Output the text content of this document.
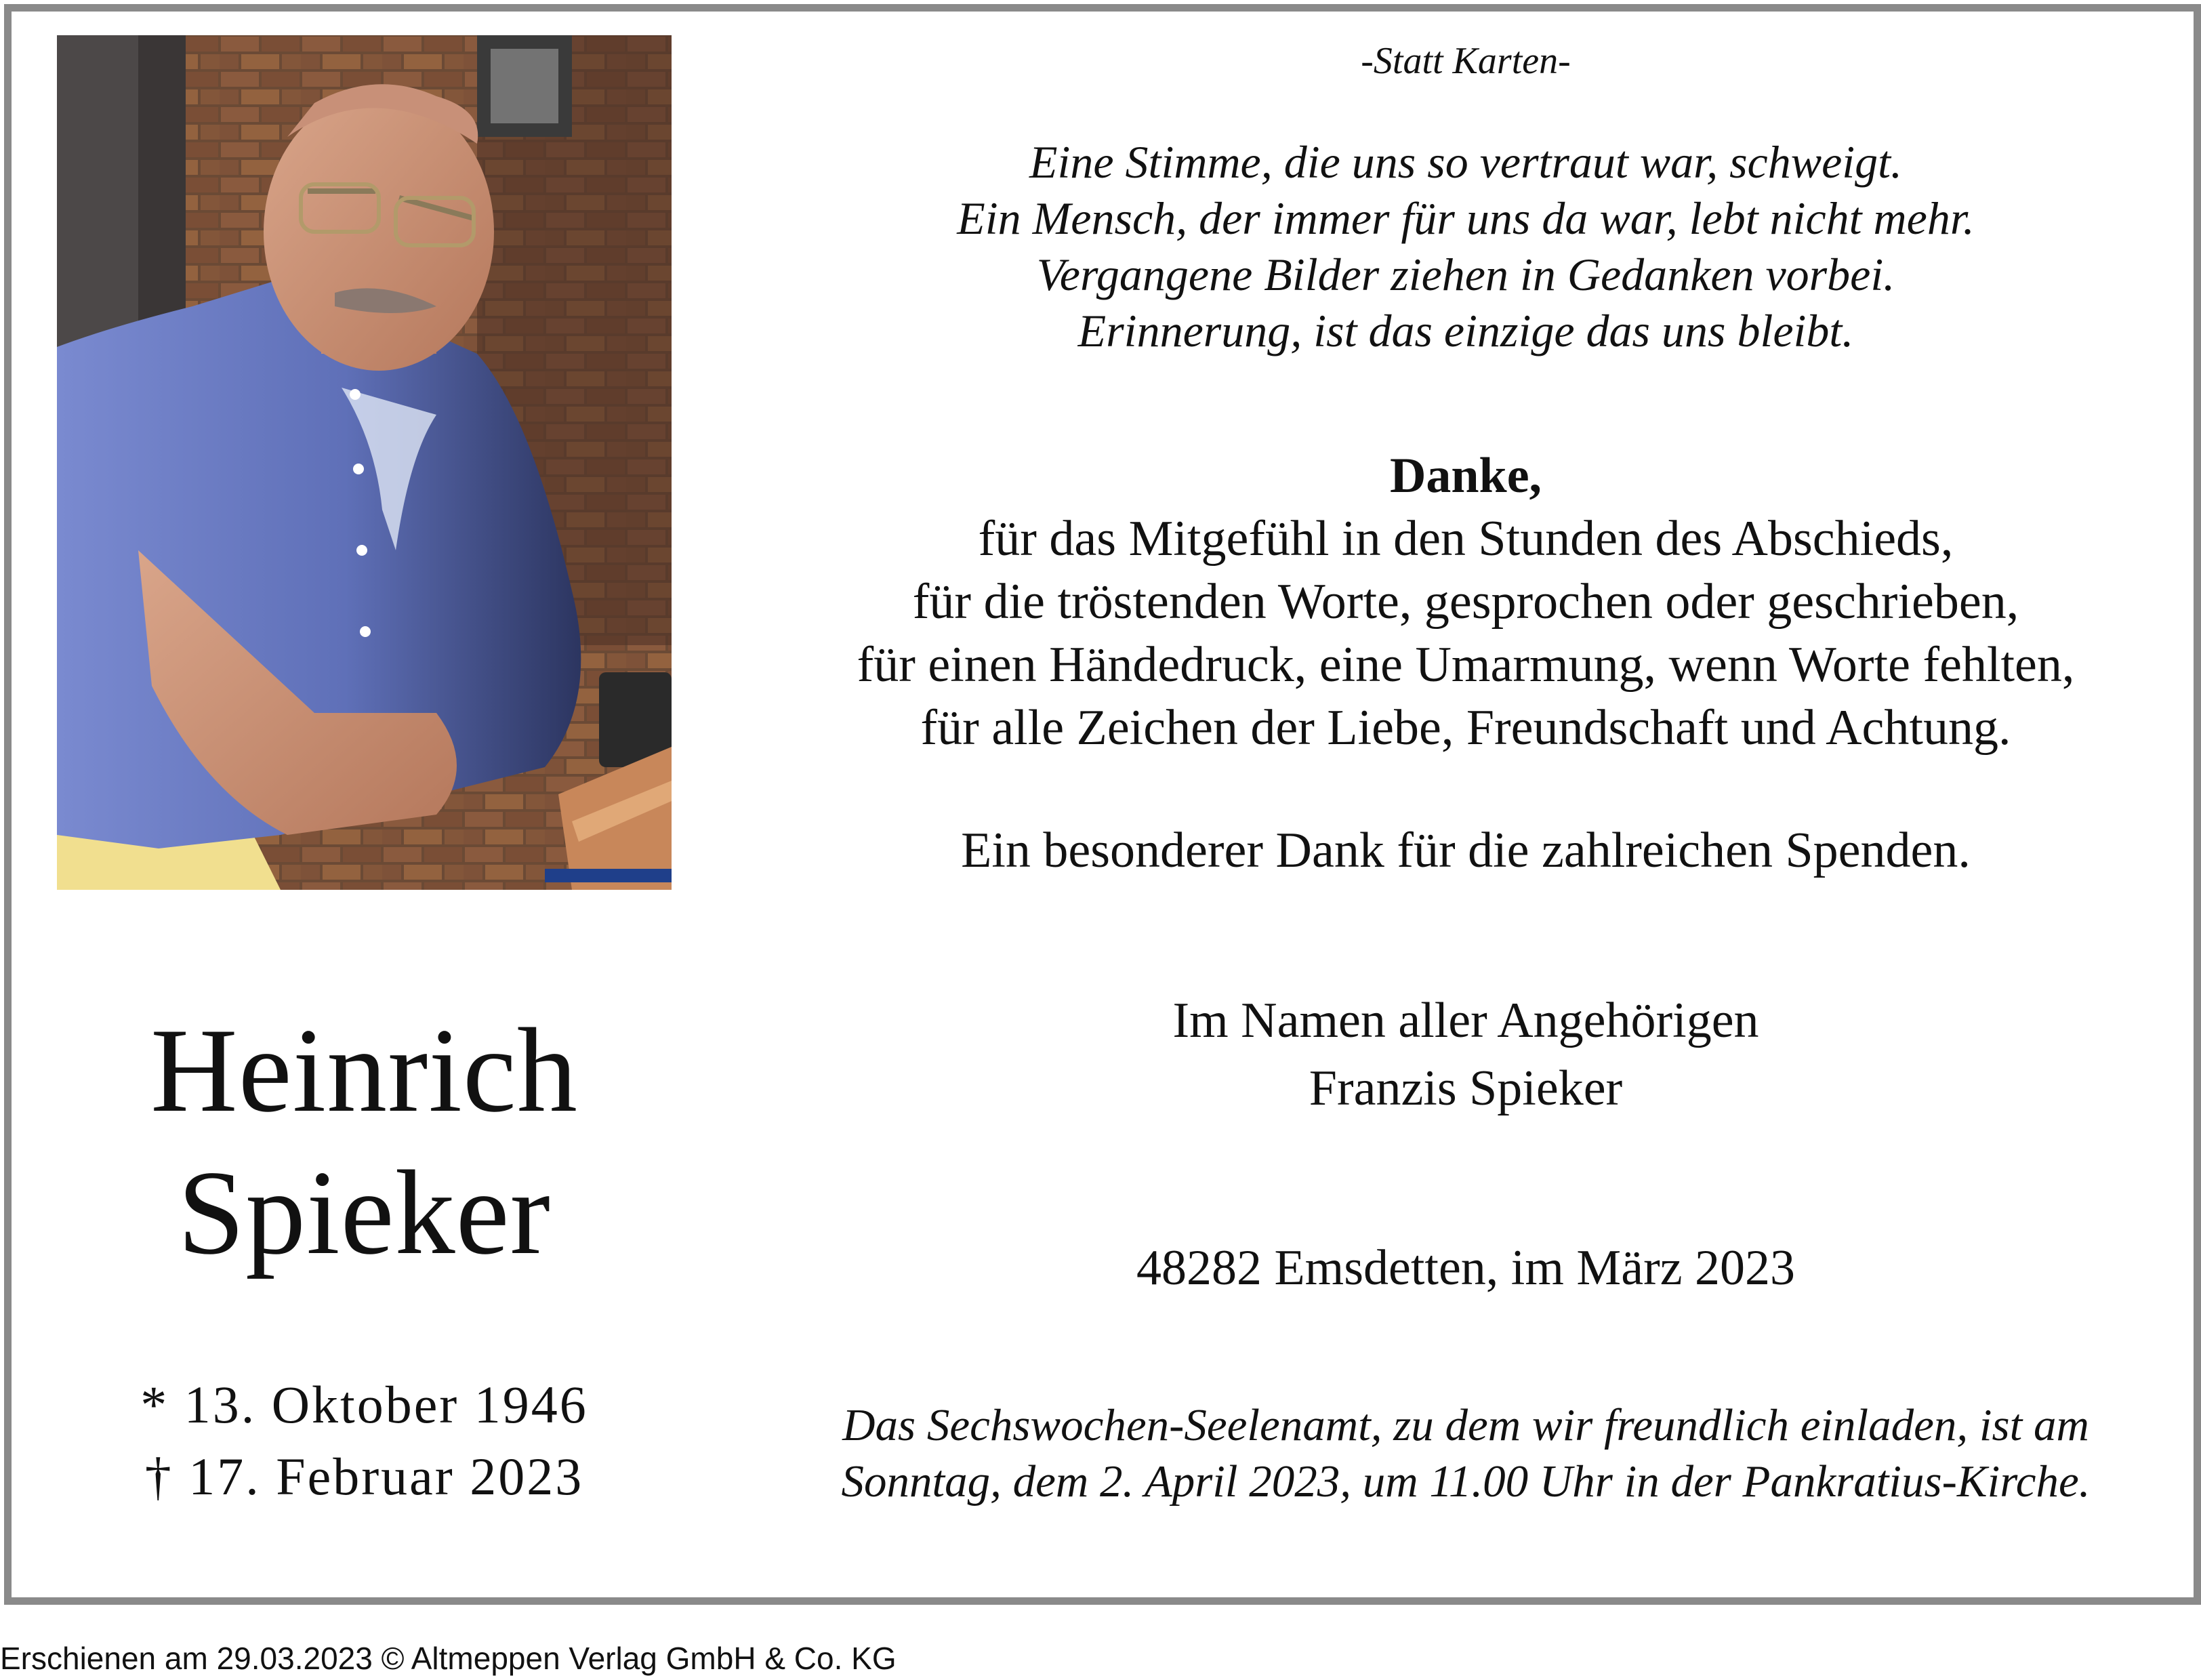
Heinrich
Spieker
* 13. Oktober 1946
† 17. Februar 2023
-Statt Karten-
Eine Stimme, die uns so vertraut war, schweigt.
Ein Mensch, der immer für uns da war, lebt nicht mehr.
Vergangene Bilder ziehen in Gedanken vorbei.
Erinnerung, ist das einzige das uns bleibt.
Danke,
für das Mitgefühl in den Stunden des Abschieds,
für die tröstenden Worte, gesprochen oder geschrieben,
für einen Händedruck, eine Umarmung, wenn Worte fehlten,
für alle Zeichen der Liebe, Freundschaft und Achtung.
Ein besonderer Dank für die zahlreichen Spenden.
Im Namen aller Angehörigen
Franzis Spieker
48282 Emsdetten, im März 2023
Das Sechswochen-Seelenamt, zu dem wir freundlich einladen, ist am
Sonntag, dem 2. April 2023, um 11.00 Uhr in der Pankratius-Kirche.
Erschienen am 29.03.2023 © Altmeppen Verlag GmbH & Co. KG
